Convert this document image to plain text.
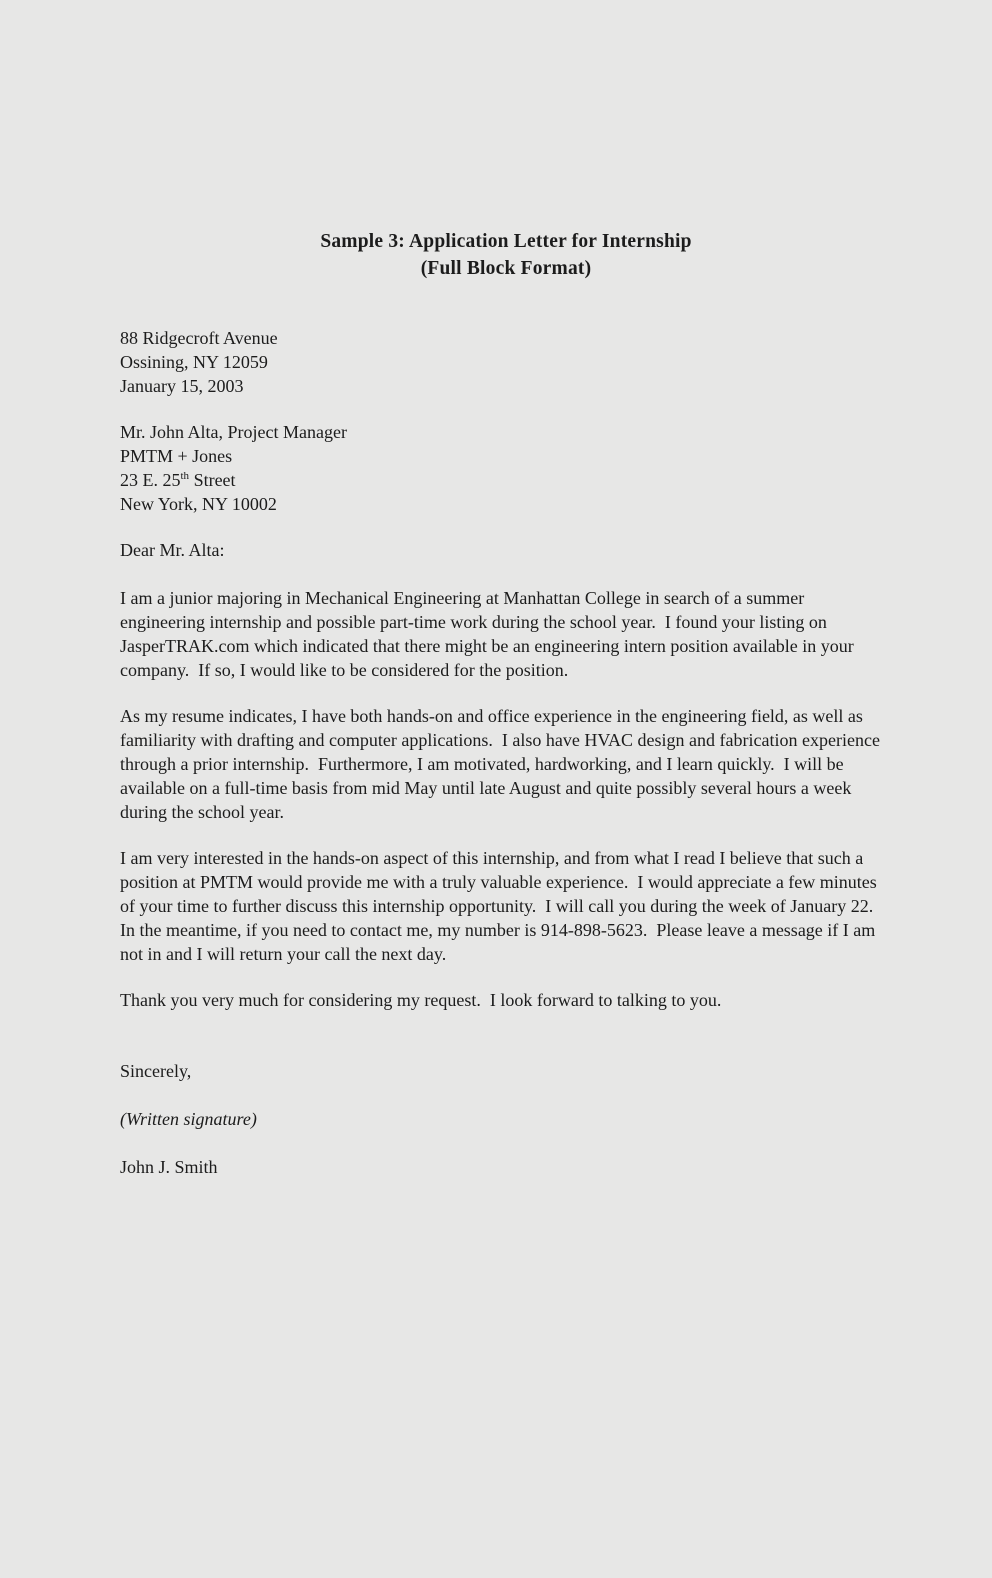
Sample 3: Application Letter for Internship
(Full Block Format)
88 Ridgecroft Avenue
Ossining, NY 12059
January 15, 2003
Mr. John Alta, Project Manager
PMTM + Jones
23 E. 25th Street
New York, NY 10002
Dear Mr. Alta:

I am a junior majoring in Mechanical Engineering at Manhattan College in search of a summer engineering internship and possible part-time work during the school year.  I found your listing on JasperTRAK.com which indicated that there might be an engineering intern position available in your company.  If so, I would like to be considered for the position.

As my resume indicates, I have both hands-on and office experience in the engineering field, as well as familiarity with drafting and computer applications.  I also have HVAC design and fabrication experience through a prior internship.  Furthermore, I am motivated, hardworking, and I learn quickly.  I will be available on a full-time basis from mid May until late August and quite possibly several hours a week during the school year.

I am very interested in the hands-on aspect of this internship, and from what I read I believe that such a position at PMTM would provide me with a truly valuable experience.  I would appreciate a few minutes of your time to further discuss this internship opportunity.  I will call you during the week of January 22.  In the meantime, if you need to contact me, my number is 914-898-5623.  Please leave a message if I am not in and I will return your call the next day.

Thank you very much for considering my request.  I look forward to talking to you.

Sincerely,
(Written signature)
John J. Smith
